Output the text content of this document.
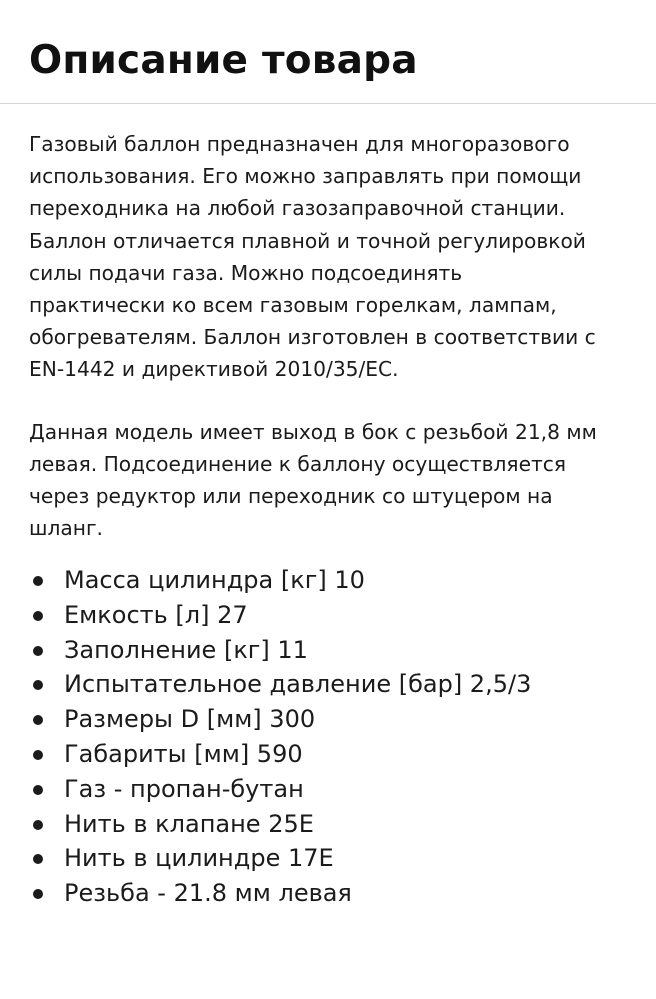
Описание товара

Газовый баллон предназначен для многоразового
использования. Его можно заправлять при помощи
переходника на любой газозаправочной станции.
Баллон отличается плавной и точной регулировкой
силы подачи газа. Можно подсоединять
практически ко всем газовым горелкам, лампам,
обогревателям. Баллон изготовлен в соответствии с
EN-1442 и директивой 2010/35/EC.

Данная модель имеет выход в бок с резьбой 21,8 мм
левая. Подсоединение к баллону осуществляется
через редуктор или переходник со штуцером на
шланг.

Масса цилиндра [кг] 10
Емкость [л] 27
Заполнение [кг] 11
Испытательное давление [бар] 2,5/3
Размеры D [мм] 300
Габариты [мм] 590
Газ - пропан-бутан
Нить в клапане 25E
Нить в цилиндре 17E
Резьба - 21.8 мм левая
